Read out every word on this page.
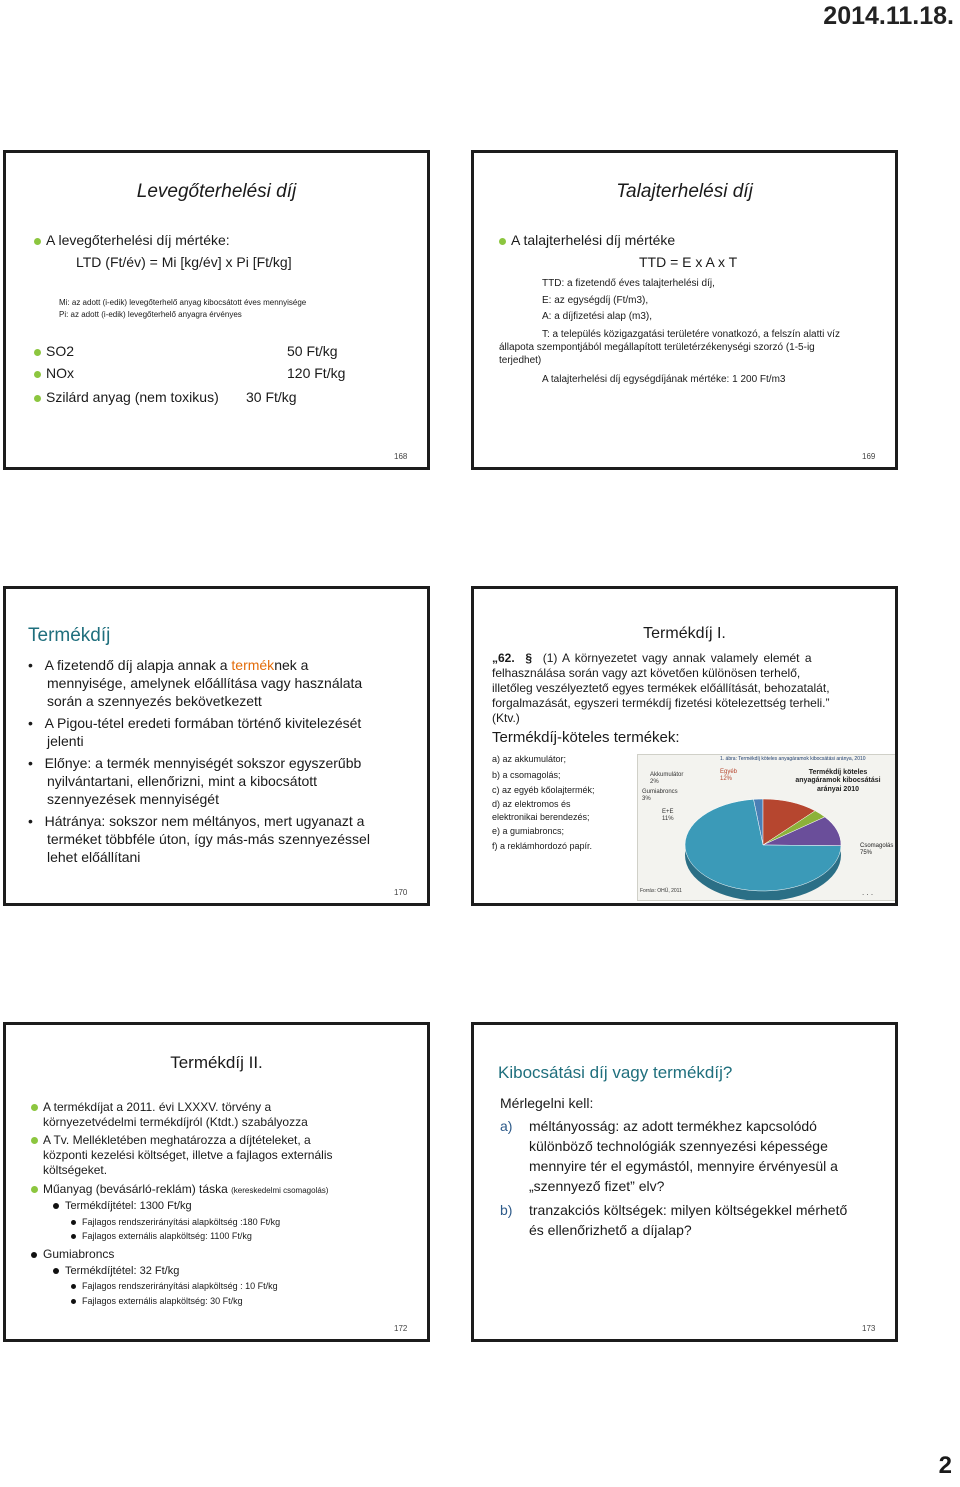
2014.11.18.
Levegőterhelési díj
A levegőterhelési díj mértéke:
LTD (Ft/év) = Mi [kg/év] x Pi [Ft/kg]
Mi: az adott (i-edik) levegőterhelő anyag kibocsátott éves mennyisége
Pi: az adott (i-edik) levegőterhelő anyagra érvényes
SO2	50 Ft/kg
NOx	120 Ft/kg
Szilárd anyag (nem toxikus) 30 Ft/kg
168
Talajterhelési díj
A talajterhelési díj mértéke
TTD = E x A x T
TTD: a fizetendő éves talajterhelési díj,
E: az egységdíj (Ft/m3),
A: a díjfizetési alap (m3),
T: a település közigazgatási területére vonatkozó, a felszín alatti víz
állapota szempontjából megállapított területérzékenységi szorzó (1-5-ig
terjedhet)
A talajterhelési díj egységdíjának mértéke: 1 200 Ft/m3
169
Termékdíj
•   A fizetendő díj alapja annak a terméknek a
mennyisége, amelynek előállítása vagy használata
során a szennyezés bekövetkezett
•   A Pigou-tétel eredeti formában történő kivitelezését
jelenti
•   Előnye: a termék mennyiségét sokszor egyszerűbb
nyilvántartani, ellenőrizni, mint a kibocsátott
szennyezések mennyiségét
•   Hátránya: sokszor nem méltányos, mert ugyanazt a
terméket többféle úton, így más-más szennyezéssel
lehet előállítani
170
Termékdíj I.
„62. § (1) A környezetet vagy annak valamely elemét a
felhasználása során vagy azt követően különösen terhelő,
illetőleg veszélyeztető egyes termékek előállítását, behozatalát,
forgalmazását, egyszeri termékdíj fizetési kötelezettség terheli.”
(Ktv.)
Termékdíj-köteles termékek:
a) az akkumulátor;
b) a csomagolás;
c) az egyéb kőolajtermék;
d) az elektromos és
elektronikai berendezés;
e) a gumiabroncs;
f) a reklámhordozó papír.
1. ábra: Termékdíj köteles anyagáramok kibocsátási aránya, 2010
Termékdíj köteles anyagáramok kibocsátási arányai 2010
Akkumulátor 2%
Egyéb 12%
Gumiabroncs 3%
E+E 11%
Csomagolás 75%
Forrás: OHÜ, 2011	. . .
Termékdíj II.
A termékdíjat a 2011. évi LXXXV. törvény a
környezetvédelmi termékdíjról (Ktdt.) szabályozza
A Tv. Mellékletében meghatározza a díjtételeket, a
központi kezelési költséget, illetve a fajlagos externális
költségeket.
Műanyag (bevásárló-reklám) táska (kereskedelmi csomagolás)
Termékdíjtétel: 1300 Ft/kg
Fajlagos rendszerirányítási alapköltség :180 Ft/kg
Fajlagos externális alapköltség: 1100 Ft/kg
Gumiabroncs
Termékdíjtétel: 32 Ft/kg
Fajlagos rendszerirányítási alapköltség : 10 Ft/kg
Fajlagos externális alapköltség: 30 Ft/kg
172
Kibocsátási díj vagy termékdíj?
Mérlegelni kell:
a) méltányosság: az adott termékhez kapcsolódó
különböző technológiák szennyezési képessége
mennyire tér el egymástól, mennyire érvényesül a
„szennyező fizet” elv?
b) tranzakciós költségek: milyen költségekkel mérhető
és ellenőrizhető a díjalap?
173
2
